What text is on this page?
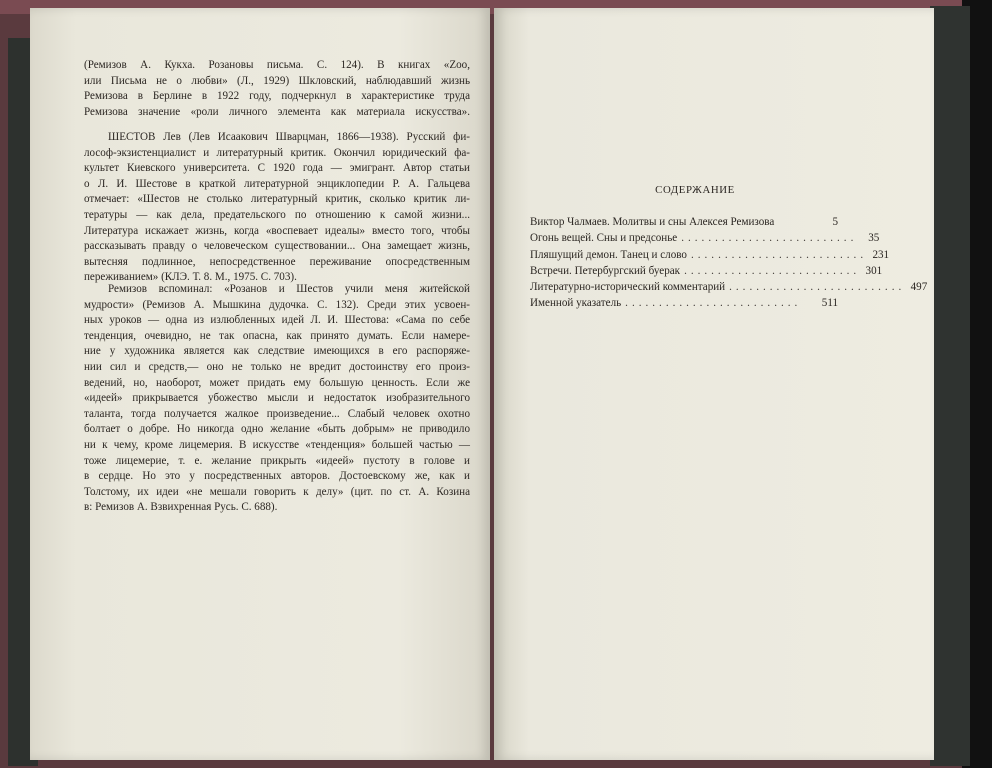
(Ремизов А. Кукха. Розановы письма. С. 124). В книгах «Zoo,

или Письма не о любви» (Л., 1929) Шкловский, наблюдавший жизнь

Ремизова в Берлине в 1922 году, подчеркнул в характеристике труда

Ремизова значение «роли личного элемента как материала искусства».

ШЕСТОВ Лев (Лев Исаакович Шварцман, 1866—1938). Русский фи-

лософ-экзистенциалист и литературный критик. Окончил юридический фа-

культет Киевского университета. С 1920 года — эмигрант. Автор статьи

о Л. И. Шестове в краткой литературной энциклопедии Р. А. Гальцева

отмечает: «Шестов не столько литературный критик, сколько критик ли-

тературы — как дела, предательского по отношению к самой жизни...

Литература искажает жизнь, когда «воспевает идеалы» вместо того, чтобы

рассказывать правду о человеческом существовании... Она замещает жизнь,

вытесняя подлинное, непосредственное переживание опосредственным

переживанием» (КЛЭ. Т. 8. М., 1975. С. 703).

Ремизов вспоминал: «Розанов и Шестов учили меня житейской

мудрости» (Ремизов А. Мышкина дудочка. С. 132). Среди этих усвоен-

ных уроков — одна из излюбленных идей Л. И. Шестова: «Сама по себе

тенденция, очевидно, не так опасна, как принято думать. Если намере-

ние у художника является как следствие имеющихся в его распоряже-

нии сил и средств,— оно не только не вредит достоинству его произ-

ведений, но, наоборот, может придать ему большую ценность. Если же

«идеей» прикрывается убожество мысли и недостаток изобразительного

таланта, тогда получается жалкое произведение... Слабый человек охотно

болтает о добре. Но никогда одно желание «быть добрым» не приводило

ни к чему, кроме лицемерия. В искусстве «тенденция» большей частью —

тоже лицемерие, т. е. желание прикрыть «идеей» пустоту в голове и

в сердце. Но это у посредственных авторов. Достоевскому же, как и

Толстому, их идеи «не мешали говорить к делу» (цит. по ст. А. Козина

в: Ремизов А. Взвихренная Русь. С. 688).

СОДЕРЖАНИЕ
Виктор Чалмаев. Молитвы и сны Алексея Ремизова
	5
Огонь вещей. Сны и предсонье .......................... 35
Пляшущий демон. Танец и слово .......................... 231
Встречи. Петербургский буерак .......................... 301
Литературно-исторический комментарий .......................... 497
Именной указатель ..........................	511
